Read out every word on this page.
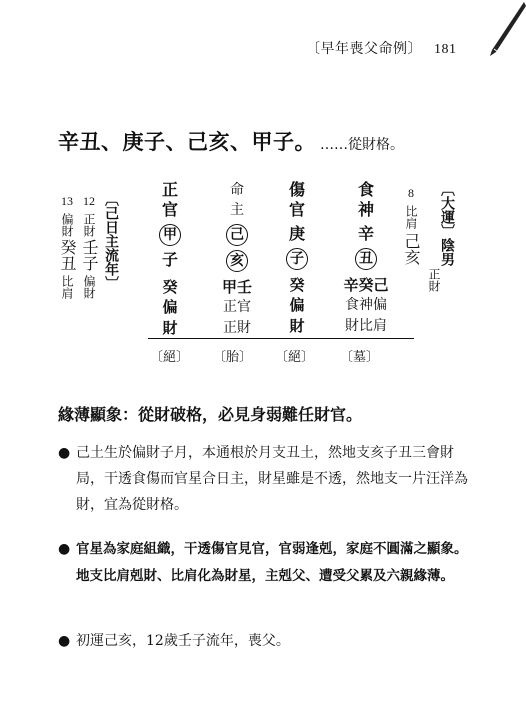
〔早年喪父命例〕 181
辛丑、庚子、己亥、甲子。 ……從財格。
13
偏財
癸丑
比肩
12
正財
壬子
偏財 〔己日主流年〕
正官
甲
子
癸
偏財
命主
己
亥
甲壬
正官正財
傷官
庚
子
癸
偏財
食神
辛
丑
辛癸己
食神偏財比肩
〔絕〕 〔胎〕 〔絕〕 〔墓〕
8
比肩
己亥
正財
〔大運〕陰男
緣薄顯象：從財破格，必見身弱難任財官。
● 己土生於偏財子月，本通根於月支丑土，然地支亥子丑三會財局，干透食傷而官星合日主，財星雖是不透，然地支一片汪洋為財，宜為從財格。
● 官星為家庭組織，干透傷官見官，官弱逢剋，家庭不圓滿之顯象。地支比肩剋財、比肩化為財星，主剋父、遭受父累及六親緣薄。
● 初運己亥，12歲壬子流年，喪父。
